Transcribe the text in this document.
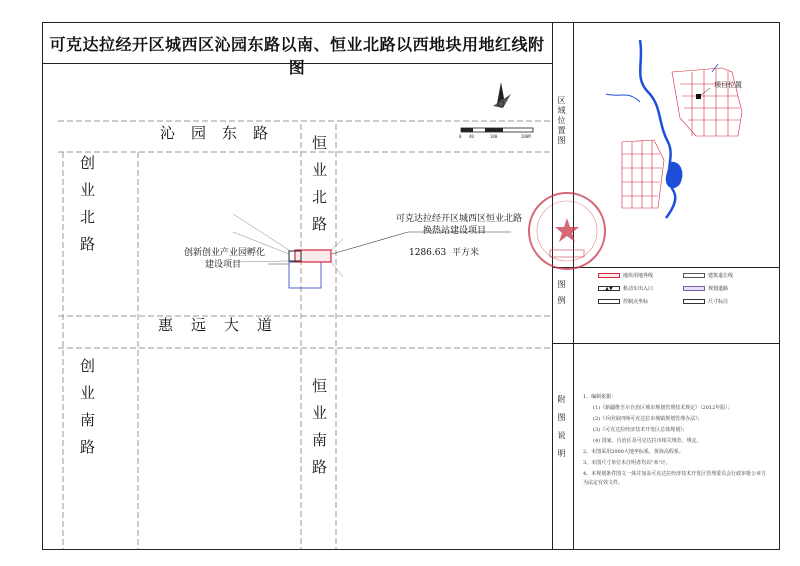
可克达拉经开区城西区沁园东路以南、恒业北路以西地块用地红线附图
0 40	100	200M
沁园东路
惠远大道
创业北路
创业南路
恒业北路
恒业南路
可克达拉经开区城西区恒业北路
换热站建设项目
1286.63 平方米
创新创业产业园孵化
建设项目
区域位置图
图例
附图说明
项目位置
地块用地界线	建筑退让线
▲▼	机动车出入口	规划道路
控制点坐标	尺寸标注
1、编制依据：
(1)《新疆维吾尔自治区城市规划管理技术规定》（2012年版）；
(2)《兵团第四师可克达拉市城镇规划管理办法》；
(3)《可克达拉经济技术开发区总体规划》；
(4) 国家、自治区及可克达拉市相关规范、规定。
2、本图采用2000大地坐标系，黄海高程系。
3、本图尺寸单位未注明者均以"米"计。
4、本规划条件图文一体并加盖可克达拉经济技术开发区管理委员会行政审批公章方为法定有效文件。
